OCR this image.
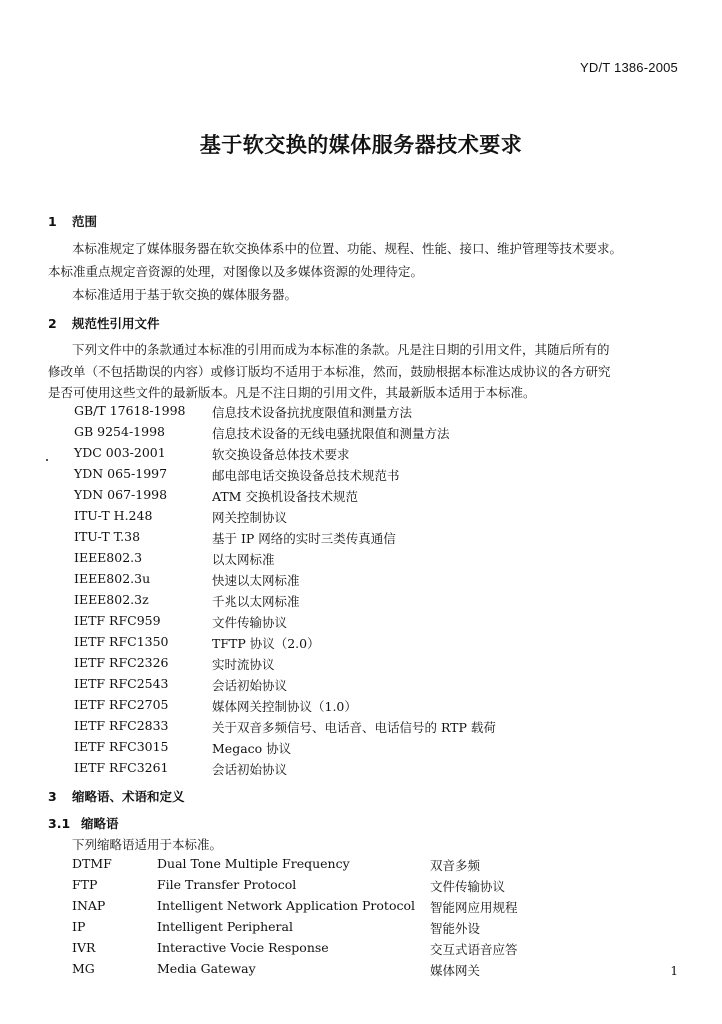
YD/T 1386-2005
基于软交换的媒体服务器技术要求
1 范围
本标准规定了媒体服务器在软交换体系中的位置、功能、规程、性能、接口、维护管理等技术要求。
本标准重点规定音资源的处理，对图像以及多媒体资源的处理待定。
本标准适用于基于软交换的媒体服务器。
2 规范性引用文件
下列文件中的条款通过本标准的引用而成为本标准的条款。凡是注日期的引用文件，其随后所有的
修改单（不包括勘误的内容）或修订版均不适用于本标准，然而，鼓励根据本标准达成协议的各方研究
是否可使用这些文件的最新版本。凡是不注日期的引用文件，其最新版本适用于本标准。
GB/T 17618-1998 信息技术设备抗扰度限值和测量方法
GB 9254-1998	信息技术设备的无线电骚扰限值和测量方法
YDC 003-2001	软交换设备总体技术要求
YDN 065-1997	邮电部电话交换设备总技术规范书
YDN 067-1998	ATM 交换机设备技术规范
ITU-T H.248	网关控制协议
ITU-T T.38	基于 IP 网络的实时三类传真通信
IEEE802.3	以太网标准
IEEE802.3u	快速以太网标准
IEEE802.3z	千兆以太网标准
IETF RFC959	文件传输协议
IETF RFC1350	TFTP 协议（2.0）
IETF RFC2326	实时流协议
IETF RFC2543	会话初始协议
IETF RFC2705	媒体网关控制协议（1.0）
IETF RFC2833	关于双音多频信号、电话音、电话信号的 RTP 载荷
IETF RFC3015	Megaco 协议
IETF RFC3261	会话初始协议
3 缩略语、术语和定义
3.1 缩略语
下列缩略语适用于本标准。
DTMF	Dual Tone Multiple Frequency	双音多频
FTP	File Transfer Protocol	文件传输协议
INAP	Intelligent Network Application Protocol 智能网应用规程
IP	Intelligent Peripheral	智能外设
IVR	Interactive Vocie Response	交互式语音应答
MG	Media Gateway	媒体网关	1
